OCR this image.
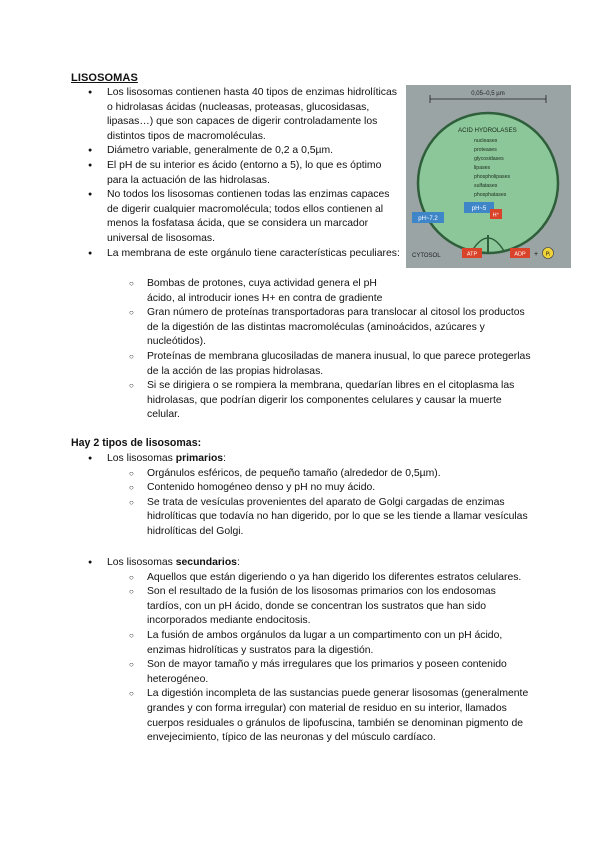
LISOSOMAS
● Los lisosomas contienen hasta 40 tipos de enzimas hidrolíticas o hidrolasas ácidas (nucleasas, proteasas, glucosidasas, lipasas…) que son capaces de digerir controladamente los distintos tipos de macromoléculas.
● Diámetro variable, generalmente de 0,2 a 0,5µm.
● El pH de su interior es ácido (entorno a 5), lo que es óptimo para la actuación de las hidrolasas.
● No todos los lisosomas contienen todas las enzimas capaces de digerir cualquier macromolécula; todos ellos contienen al menos la fosfatasa ácida, que se considera un marcador universal de lisosomas.
● La membrana de este orgánulo tiene características peculiares:
○ Bombas de protones, cuya actividad genera el pH ácido, al introducir iones H+ en contra de gradiente
○ Gran número de proteínas transportadoras para translocar al citosol los productos de la digestión de las distintas macromoléculas (aminoácidos, azúcares y nucleótidos).
○ Proteínas de membrana glucosiladas de manera inusual, lo que parece protegerlas de la acción de las propias hidrolasas.
○ Si se dirigiera o se rompiera la membrana, quedarían libres en el citoplasma las hidrolasas, que podrían digerir los componentes celulares y causar la muerte celular.
Hay 2 tipos de lisosomas:
● Los lisosomas primarios:
○ Orgánulos esféricos, de pequeño tamaño (alrededor de 0,5µm).
○ Contenido homogéneo denso y pH no muy ácido.
○ Se trata de vesículas provenientes del aparato de Golgi cargadas de enzimas hidrolíticas que todavía no han digerido, por lo que se les tiende a llamar vesículas hidrolíticas del Golgi.
● Los lisosomas secundarios:
○ Aquellos que están digeriendo o ya han digerido los diferentes estratos celulares.
○ Son el resultado de la fusión de los lisosomas primarios con los endosomas tardíos, con un pH ácido, donde se concentran los sustratos que han sido incorporados mediante endocitosis.
○ La fusión de ambos orgánulos da lugar a un compartimento con un pH ácido, enzimas hidrolíticas y sustratos para la digestión.
○ Son de mayor tamaño y más irregulares que los primarios y poseen contenido heterogéneo.
○ La digestión incompleta de las sustancias puede generar lisosomas (generalmente grandes y con forma irregular) con material de residuo en su interior, llamados cuerpos residuales o gránulos de lipofuscina, también se denominan pigmento de envejecimiento, típico de las neuronas y del músculo cardíaco.
0,05–0,5 µm
ACID HYDROLASES
nucleases
proteases
glycosidases
lipases
phospholipases
sulfatases
phosphatases
pH~5
H⁺
pH~7.2
ATP	ADP + Pᵢ
CYTOSOL
